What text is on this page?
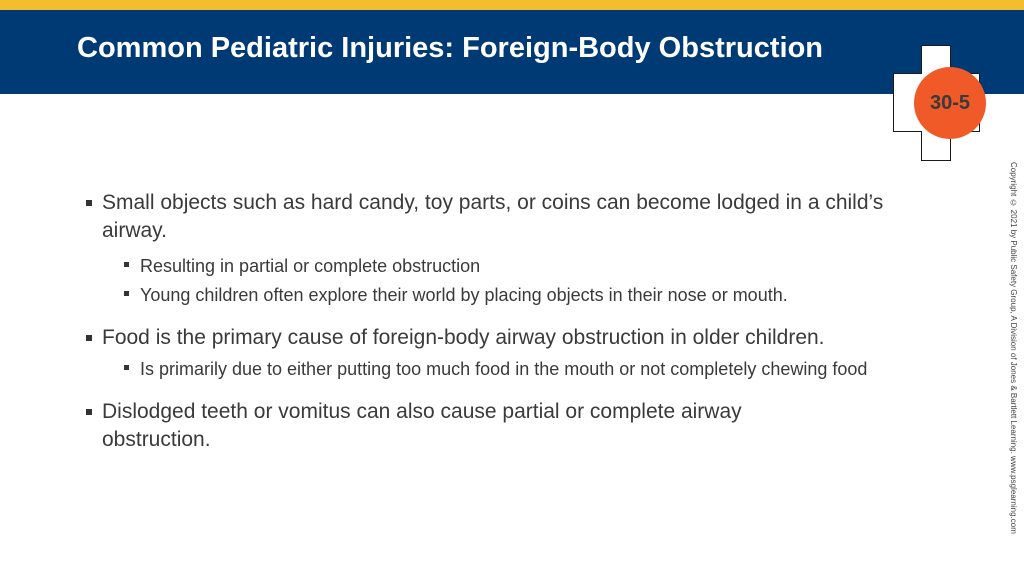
Common Pediatric Injuries: Foreign-Body Obstruction
30-5
Copyright © 2021 by Public Safety Group, A Division of Jones & Bartlett Learning. www.psglearning.com
Small objects such as hard candy, toy parts, or coins can become lodged in a child’s airway.
Resulting in partial or complete obstruction
Young children often explore their world by placing objects in their nose or mouth.
Food is the primary cause of foreign-body airway obstruction in older children.
Is primarily due to either putting too much food in the mouth or not completely chewing food
Dislodged teeth or vomitus can also cause partial or complete airway obstruction.
